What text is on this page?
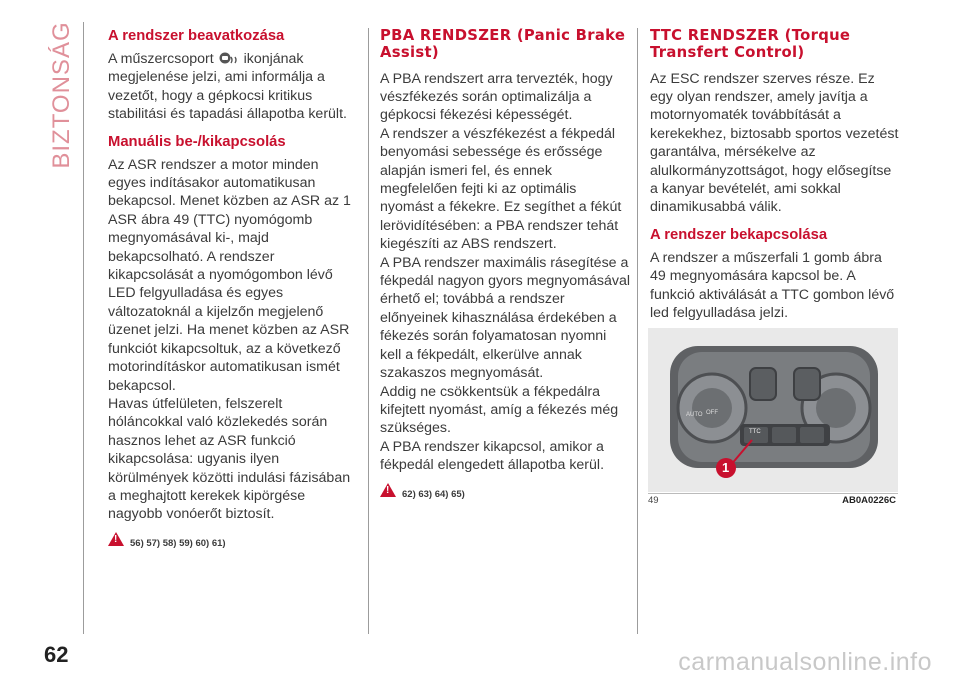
BIZTONSÁG A rendszer beavatkozása

A műszercsoport ikonjának megjelenése jelzi, ami informálja a vezetőt, hogy a gépkocsi kritikus stabilitási és tapadási állapotba került.

Manuális be-/kikapcsolás

Az ASR rendszer a motor minden egyes indításakor automatikusan bekapcsol. Menet közben az ASR az 1 ASR ábra 49 (TTC) nyomógomb megnyomásával ki-, majd bekapcsolható. A rendszer kikapcsolását a nyomógombon lévő LED felgyulladása és egyes változatoknál a kijelzőn megjelenő üzenet jelzi. Ha menet közben az ASR funkciót kikapcsoltuk, az a következő motorindításkor automatikusan ismét bekapcsol.

Havas útfelületen, felszerelt hóláncokkal való közlekedés során hasznos lehet az ASR funkció kikapcsolása: ugyanis ilyen körülmények közötti indulási fázisában a meghajtott kerekek kipörgése nagyobb vonóerőt biztosít.

!
56) 57) 58) 59) 60) 61)
PBA RENDSZER (Panic Brake Assist)

A PBA rendszert arra tervezték, hogy vészfékezés során optimalizálja a gépkocsi fékezési képességét.

A rendszer a vészfékezést a fékpedál benyomási sebessége és erőssége alapján ismeri fel, és ennek megfelelően fejti ki az optimális nyomást a fékekre. Ez segíthet a fékút lerövidítésében: a PBA rendszer tehát kiegészíti az ABS rendszert.

A PBA rendszer maximális rásegítése a fékpedál nagyon gyors megnyomásával érhető el; továbbá a rendszer előnyeinek kihasználása érdekében a fékezés során folyamatosan nyomni kell a fékpedált, elkerülve annak szakaszos megnyomását.

Addig ne csökkentsük a fékpedálra kifejtett nyomást, amíg a fékezés még szükséges.

A PBA rendszer kikapcsol, amikor a fékpedál elengedett állapotba kerül.

!
62) 63) 64) 65)
TTC RENDSZER (Torque Transfert Control)

Az ESC rendszer szerves része. Ez egy olyan rendszer, amely javítja a motornyomaték továbbítását a kerekekhez, biztosabb sportos vezetést garantálva, mérsékelve az alulkormányzottságot, hogy elősegítse a kanyar bevételét, ami sokkal dinamikusabbá válik.

A rendszer bekapcsolása

A rendszer a műszerfali 1 gomb ábra 49 megnyomására kapcsol be. A funkció aktiválását a TTC gombon lévő led felgyulladása jelzi.

AUTO OFF
TTC
1
49	AB0A0226C
62	carmanualsonline.info
